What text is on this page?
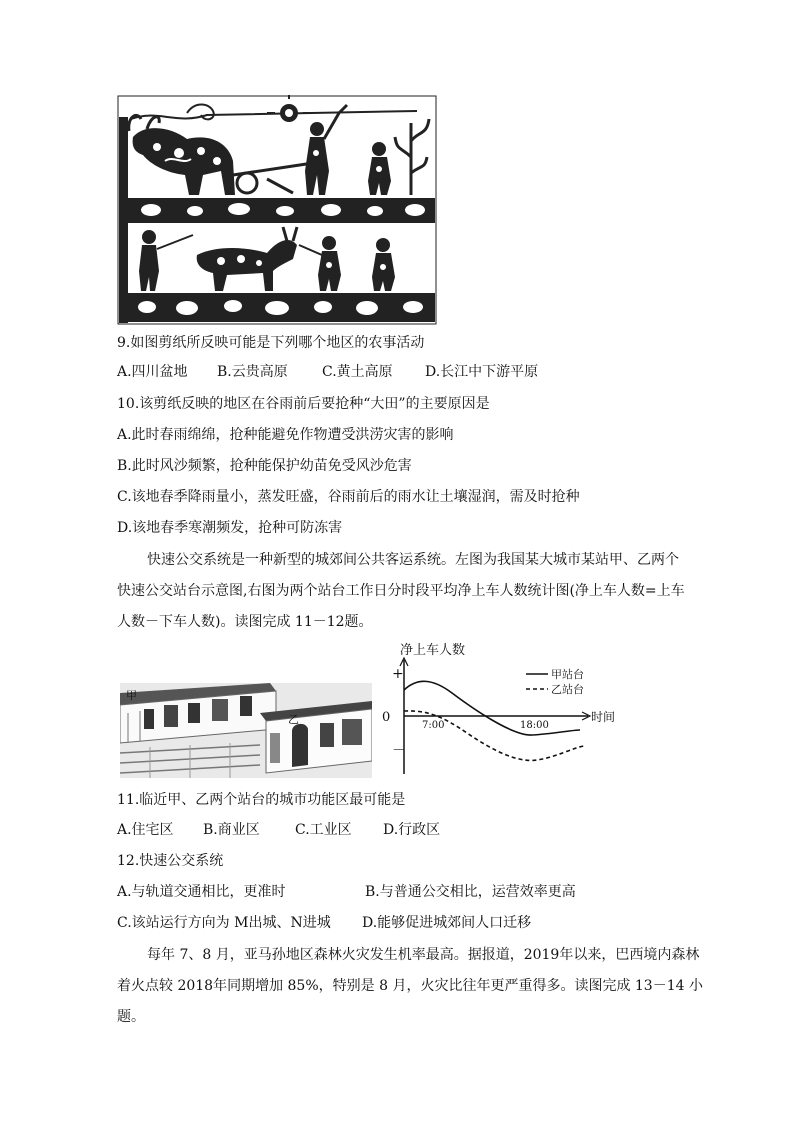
9.如图剪纸所反映可能是下列哪个地区的农事活动
A.四川盆地 B.云贵高原 C.黄土高原 D.长江中下游平原
10.该剪纸反映的地区在谷雨前后要抢种“大田”的主要原因是
A.此时春雨绵绵，抢种能避免作物遭受洪涝灾害的影响
B.此时风沙频繁，抢种能保护幼苗免受风沙危害
C.该地春季降雨量小，蒸发旺盛，谷雨前后的雨水让土壤湿润，需及时抢种
D.该地春季寒潮频发，抢种可防冻害
快速公交系统是一种新型的城郊间公共客运系统。左图为我国某大城市某站甲、乙两个
快速公交站台示意图,右图为两个站台工作日分时段平均净上车人数统计图(净上车人数=上车
人数－下车人数)。读图完成 11－12题。
甲
乙
净上车人数
+
0
－
时间
7:00	18:00
甲站台
乙站台
11.临近甲、乙两个站台的城市功能区最可能是
A.住宅区 B.商业区	C.工业区 D.行政区
12.快速公交系统
A.与轨道交通相比，更准时	B.与普通公交相比，运营效率更高
C.该站运行方向为 M出城、N进城 D.能够促进城郊间人口迁移
每年 7、8 月，亚马孙地区森林火灾发生机率最高。据报道，2019年以来，巴西境内森林
着火点较 2018年同期增加 85%，特别是 8 月，火灾比往年更严重得多。读图完成 13－14 小
题。
